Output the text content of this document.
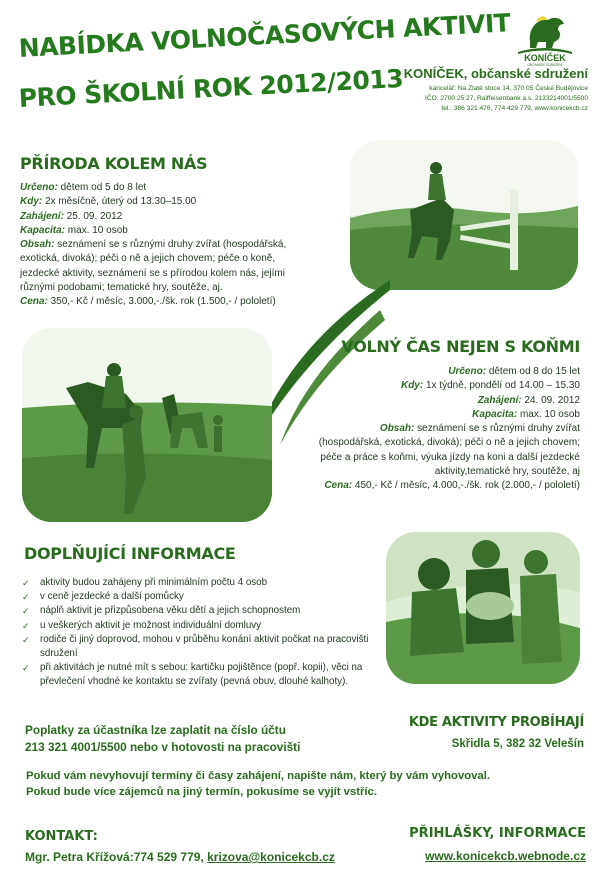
NABÍDKA VOLNOČASOVÝCH AKTIVIT
PRO ŠKOLNÍ ROK 2012/2013
KONÍČEK
OBČANSKÉ SDRUŽENÍ
KONÍČEK, občanské sdružení
kancelář: Na Zlaté stoce 14, 370 05 České Budějovice
IČO: 2700 25 27, Raiffeisenbank a.s. 2133214001/5500
tel.: 386 321 476, 774 429 779, www.konicekcb.cz
PŘÍRODA KOLEM NÁS
Určeno: dětem od 5 do 8 let
Kdy: 2x měsíčně, úterý od 13.30–15.00
Zahájení: 25. 09. 2012
Kapacita: max. 10 osob
Obsah: seznámení se s různými druhy zvířat (hospodářská,
exotická, divoká); péči o ně a jejich chovem; péče o koně,
jezdecké aktivity, seznámení se s přírodou kolem nás, jejími
různými podobami; tematické hry, soutěže, aj.
Cena: 350,- Kč / měsíc, 3.000,-./šk. rok (1.500,- / pololetí)
VOLNÝ ČAS NEJEN S KOŇMI
Určeno: dětem od 8 do 15 let
Kdy: 1x týdně, pondělí od 14.00 – 15.30
Zahájení: 24. 09. 2012
Kapacita: max. 10 osob
Obsah: seznámení se s různými druhy zvířat
(hospodářská, exotická, divoká); péči o ně a jejich chovem;
péče a práce s koňmi, výuka jízdy na koni a další jezdecké
aktivity,tematické hry, soutěže, aj
Cena: 450,- Kč / měsíc, 4.000,-./šk. rok (2.000,- / pololetí)
DOPLŇUJÍCÍ INFORMACE
✓ aktivity budou zahájeny při minimálním počtu 4 osob
✓ v ceně jezdecké a další pomůcky
✓ náplň aktivit je přizpůsobena věku dětí a jejich schopnostem
✓ u veškerých aktivit je možnost individuální domluvy
✓ rodiče či jiný doprovod, mohou v průběhu konání aktivit počkat na pracovišti sdružení
✓ při aktivitách je nutné mít s sebou: kartičku pojištěnce (popř. kopii), věci na převlečení vhodné ke kontaktu se zvířaty (pevná obuv, dlouhé kalhoty).
Poplatky za účastníka lze zaplatit na číslo účtu
213 321 4001/5500 nebo v hotovosti na pracovišti
KDE AKTIVITY PROBÍHAJÍ
Skřidla 5, 382 32 Velešín
Pokud vám nevyhovují termíny či časy zahájení, napište nám, který by vám vyhovoval.
Pokud bude více zájemců na jiný termín, pokusíme se vyjít vstříc.
KONTAKT:
Mgr. Petra Křížová:774 529 779, krizova@konicekcb.cz
PŘIHLÁŠKY, INFORMACE
www.konicekcb.webnode.cz
